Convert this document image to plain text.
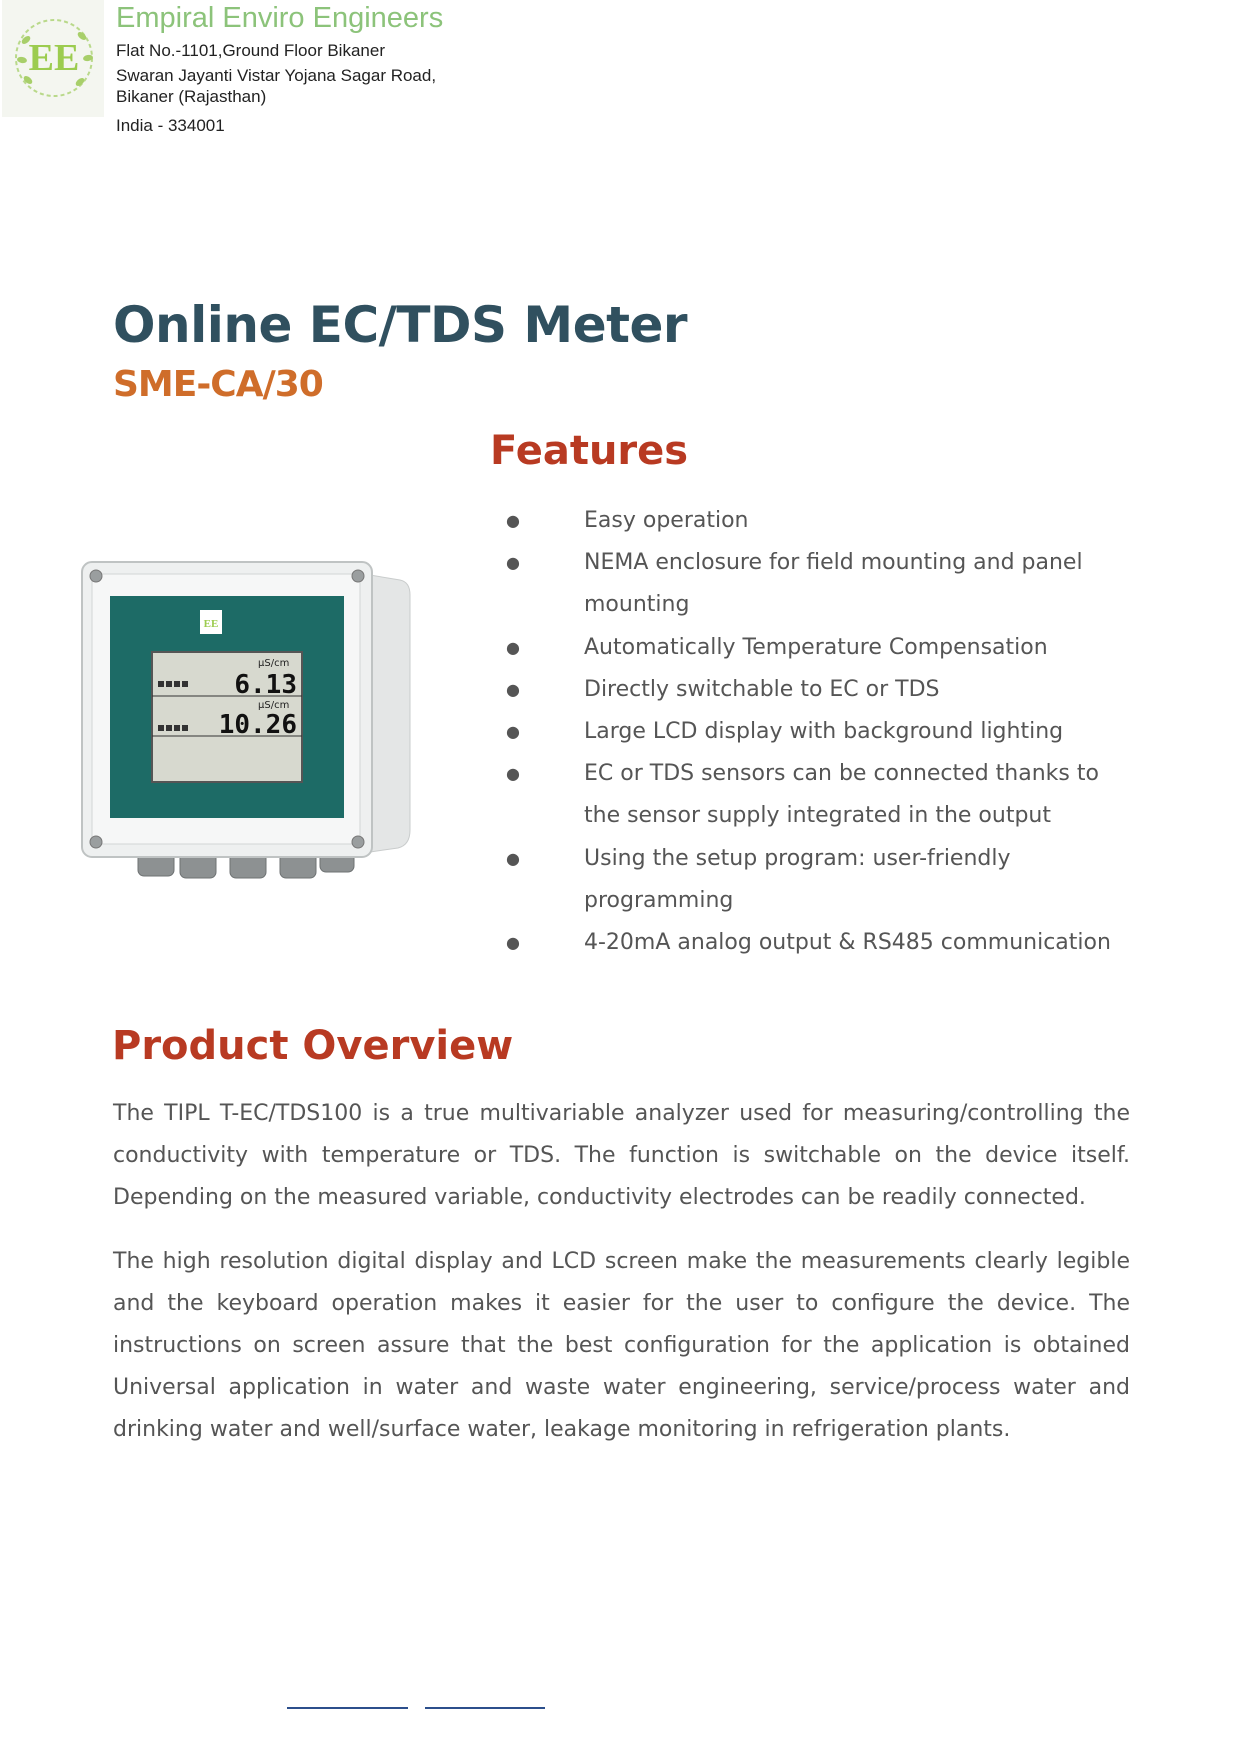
EE
Empiral Enviro Engineers
Flat No.-1101,Ground Floor Bikaner
Swaran Jayanti Vistar Yojana Sagar Road,
Bikaner (Rajasthan)
India - 334001
Online EC/TDS Meter
SME-CA/30
EE
µS/cm
6.13
µS/cm
10.26
Features
●	Easy operation
●	NEMA enclosure for field mounting and panel mounting
●	Automatically Temperature Compensation
●	Directly switchable to EC or TDS
●	Large LCD display with background lighting
●	EC or TDS sensors can be connected thanks to the sensor supply integrated in the output
●	Using the setup program: user-friendly programming
●	4-20mA analog output & RS485 communication
Product Overview

The TIPL T-EC/TDS100 is a true multivariable analyzer used for measuring/controlling the conductivity with temperature or TDS. The function is switchable on the device itself. Depending on the measured variable, conductivity electrodes can be readily connected.

The high resolution digital display and LCD screen make the measurements clearly legible and the keyboard operation makes it easier for the user to configure the device. The instructions on screen assure that the best configuration for the application is obtained Universal application in water and waste water engineering, service/process water and drinking water and well/surface water, leakage monitoring in refrigeration plants.
